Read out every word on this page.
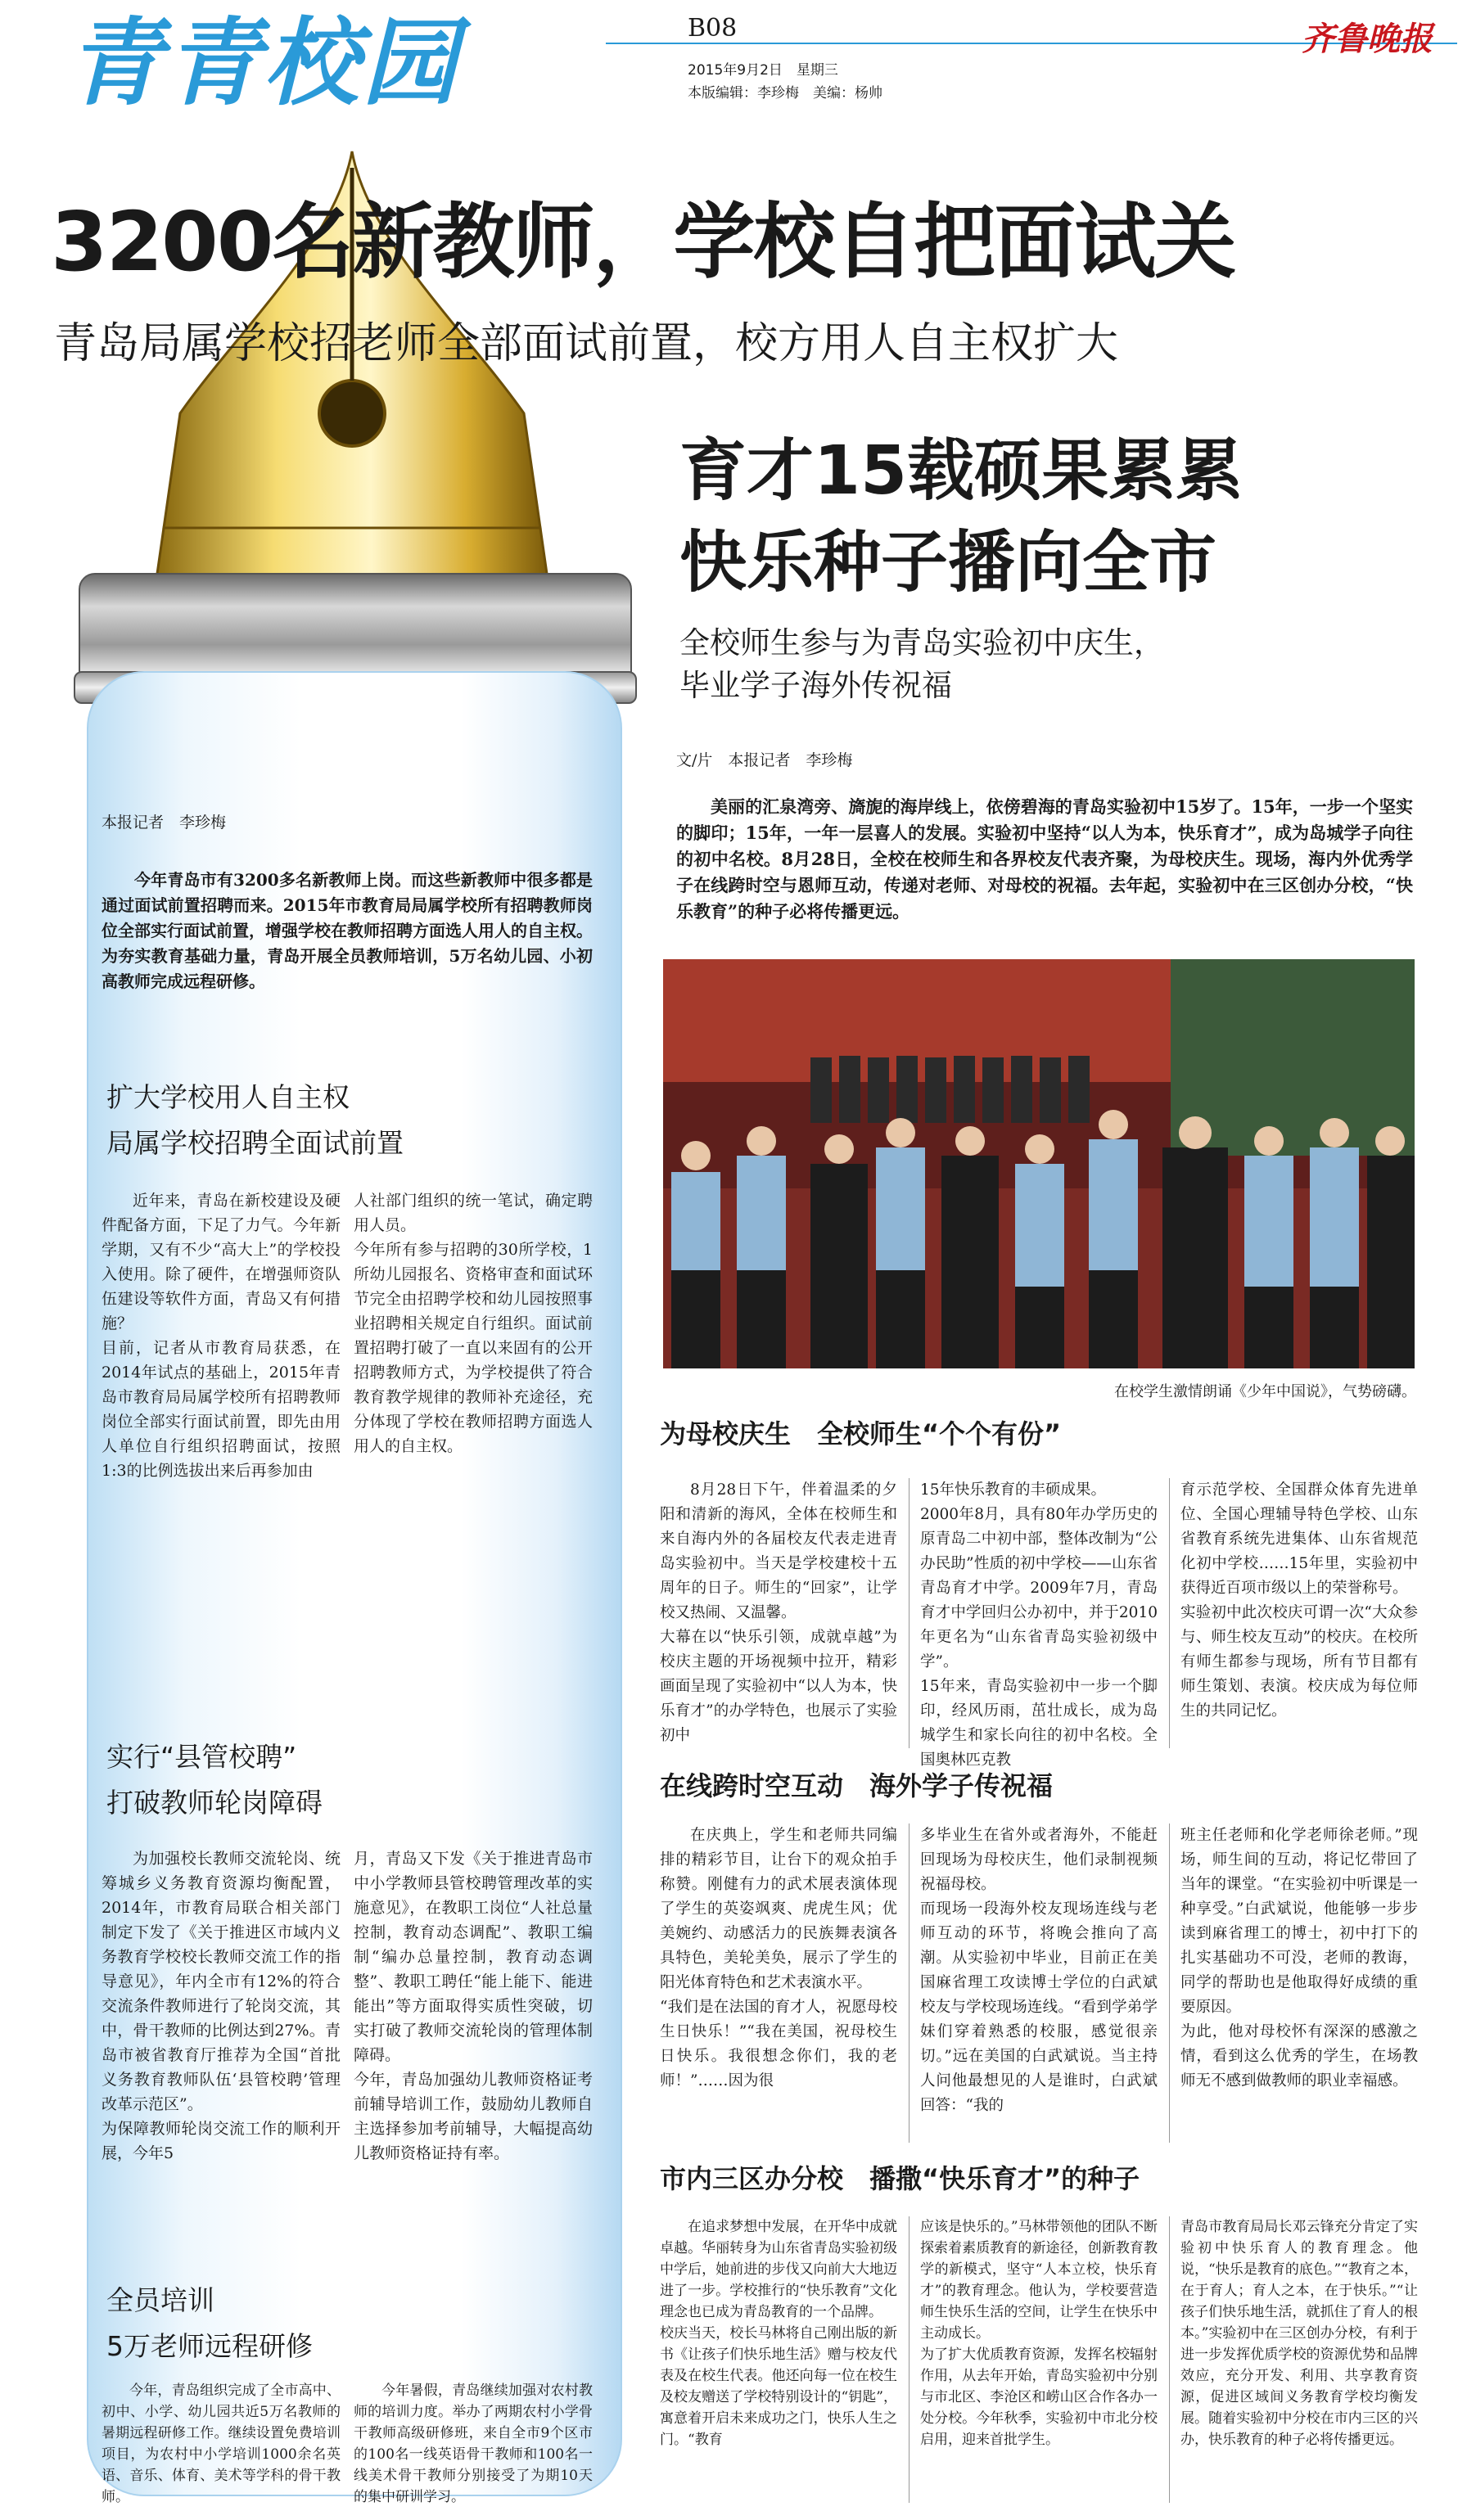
青青校园	B08
2015年9月2日　星期三
本版编辑：李珍梅　美编：杨帅
齐鲁晚报
3200名新教师，学校自把面试关
青岛局属学校招老师全部面试前置，校方用人自主权扩大
本报记者　李珍梅
今年青岛市有3200多名新教师上岗。而这些新教师中很多都是通过面试前置招聘而来。2015年市教育局局属学校所有招聘教师岗位全部实行面试前置，增强学校在教师招聘方面选人用人的自主权。为夯实教育基础力量，青岛开展全员教师培训，5万名幼儿园、小初高教师完成远程研修。
扩大学校用人自主权
局属学校招聘全面试前置
近年来，青岛在新校建设及硬件配备方面，下足了力气。今年新学期，又有不少“高大上”的学校投入使用。除了硬件，在增强师资队伍建设等软件方面，青岛又有何措施？
目前，记者从市教育局获悉，在2014年试点的基础上，2015年青岛市教育局局属学校所有招聘教师岗位全部实行面试前置，即先由用人单位自行组织招聘面试，按照1:3的比例选拔出来后再参加由
人社部门组织的统一笔试，确定聘用人员。
今年所有参与招聘的30所学校，1所幼儿园报名、资格审查和面试环节完全由招聘学校和幼儿园按照事业招聘相关规定自行组织。面试前置招聘打破了一直以来固有的公开招聘教师方式，为学校提供了符合教育教学规律的教师补充途径，充分体现了学校在教师招聘方面选人用人的自主权。
实行“县管校聘”
打破教师轮岗障碍
为加强校长教师交流轮岗、统筹城乡义务教育资源均衡配置，2014年，市教育局联合相关部门制定下发了《关于推进区市域内义务教育学校校长教师交流工作的指导意见》，年内全市有12%的符合交流条件教师进行了轮岗交流，其中，骨干教师的比例达到27%。青岛市被省教育厅推荐为全国“首批义务教育教师队伍‘县管校聘’管理改革示范区”。
为保障教师轮岗交流工作的顺利开展，今年5
月，青岛又下发《关于推进青岛市中小学教师县管校聘管理改革的实施意见》，在教职工岗位“人社总量控制，教育动态调配”、教职工编制“编办总量控制，教育动态调整”、教职工聘任“能上能下、能进能出”等方面取得实质性突破，切实打破了教师交流轮岗的管理体制障碍。
今年，青岛加强幼儿教师资格证考前辅导培训工作，鼓励幼儿教师自主选择参加考前辅导，大幅提高幼儿教师资格证持有率。
全员培训
5万老师远程研修
今年，青岛组织完成了全市高中、初中、小学、幼儿园共近5万名教师的暑期远程研修工作。继续设置免费培训项目，为农村中小学培训1000余名英语、音乐、体育、美术等学科的骨干教师。
今年暑假，青岛继续加强对农村教师的培训力度。举办了两期农村小学骨干教师高级研修班，来自全市9个区市的100名一线英语骨干教师和100名一线美术骨干教师分别接受了为期10天的集中研训学习。
育才15载硕果累累
快乐种子播向全市
全校师生参与为青岛实验初中庆生，
毕业学子海外传祝福
文/片　本报记者　李珍梅
美丽的汇泉湾旁、旖旎的海岸线上，依傍碧海的青岛实验初中15岁了。15年，一步一个坚实的脚印；15年，一年一层喜人的发展。实验初中坚持“以人为本，快乐育才”，成为岛城学子向往的初中名校。8月28日，全校在校师生和各界校友代表齐聚，为母校庆生。现场，海内外优秀学子在线跨时空与恩师互动，传递对老师、对母校的祝福。去年起，实验初中在三区创办分校，“快乐教育”的种子必将传播更远。
在校学生激情朗诵《少年中国说》，气势磅礴。
为母校庆生　全校师生“个个有份”
8月28日下午，伴着温柔的夕阳和清新的海风，全体在校师生和来自海内外的各届校友代表走进青岛实验初中。当天是学校建校十五周年的日子。师生的“回家”，让学校又热闹、又温馨。
大幕在以“快乐引领，成就卓越”为校庆主题的开场视频中拉开，精彩画面呈现了实验初中“以人为本，快乐育才”的办学特色，也展示了实验初中
15年快乐教育的丰硕成果。
2000年8月，具有80年办学历史的原青岛二中初中部，整体改制为“公办民助”性质的初中学校——山东省青岛育才中学。2009年7月，青岛育才中学回归公办初中，并于2010年更名为“山东省青岛实验初级中学”。
15年来，青岛实验初中一步一个脚印，经风历雨，茁壮成长，成为岛城学生和家长向往的初中名校。全国奥林匹克教
育示范学校、全国群众体育先进单位、全国心理辅导特色学校、山东省教育系统先进集体、山东省规范化初中学校……15年里，实验初中获得近百项市级以上的荣誉称号。
实验初中此次校庆可谓一次“大众参与、师生校友互动”的校庆。在校所有师生都参与现场，所有节目都有师生策划、表演。校庆成为每位师生的共同记忆。
在线跨时空互动　海外学子传祝福
在庆典上，学生和老师共同编排的精彩节目，让台下的观众拍手称赞。刚健有力的武术展表演体现了学生的英姿飒爽、虎虎生风；优美婉约、动感活力的民族舞表演各具特色，美轮美奂，展示了学生的阳光体育特色和艺术表演水平。
“我们是在法国的育才人，祝愿母校生日快乐！”“我在美国，祝母校生日快乐。我很想念你们，我的老师！”……因为很
多毕业生在省外或者海外，不能赶回现场为母校庆生，他们录制视频祝福母校。
而现场一段海外校友现场连线与老师互动的环节，将晚会推向了高潮。从实验初中毕业，目前正在美国麻省理工攻读博士学位的白武斌校友与学校现场连线。“看到学弟学妹们穿着熟悉的校服，感觉很亲切。”远在美国的白武斌说。当主持人问他最想见的人是谁时，白武斌回答：“我的
班主任老师和化学老师徐老师。”现场，师生间的互动，将记忆带回了当年的课堂。“在实验初中听课是一种享受。”白武斌说，他能够一步步读到麻省理工的博士，初中打下的扎实基础功不可没，老师的教诲，同学的帮助也是他取得好成绩的重要原因。
为此，他对母校怀有深深的感激之情，看到这么优秀的学生，在场教师无不感到做教师的职业幸福感。
市内三区办分校　播撒“快乐育才”的种子
在追求梦想中发展，在开华中成就卓越。华丽转身为山东省青岛实验初级中学后，她前进的步伐又向前大大地迈进了一步。学校推行的“快乐教育”文化理念也已成为青岛教育的一个品牌。
校庆当天，校长马林将自己刚出版的新书《让孩子们快乐地生活》赠与校友代表及在校生代表。他还向每一位在校生及校友赠送了学校特别设计的“钥匙”，寓意着开启未来成功之门，快乐人生之门。“教育
应该是快乐的。”马林带领他的团队不断探索着素质教育的新途径，创新教育教学的新模式，坚守“人本立校，快乐育才”的教育理念。他认为，学校要营造师生快乐生活的空间，让学生在快乐中主动成长。
为了扩大优质教育资源，发挥名校辐射作用，从去年开始，青岛实验初中分别与市北区、李沧区和崂山区合作各办一处分校。今年秋季，实验初中市北分校启用，迎来首批学生。
青岛市教育局局长邓云锋充分肯定了实验初中快乐育人的教育理念。他说，“快乐是教育的底色。”“教育之本，在于育人；育人之本，在于快乐。”“让孩子们快乐地生活，就抓住了育人的根本。”实验初中在三区创办分校，有利于进一步发挥优质学校的资源优势和品牌效应，充分开发、利用、共享教育资源，促进区域间义务教育学校均衡发展。随着实验初中分校在市内三区的兴办，快乐教育的种子必将传播更远。
